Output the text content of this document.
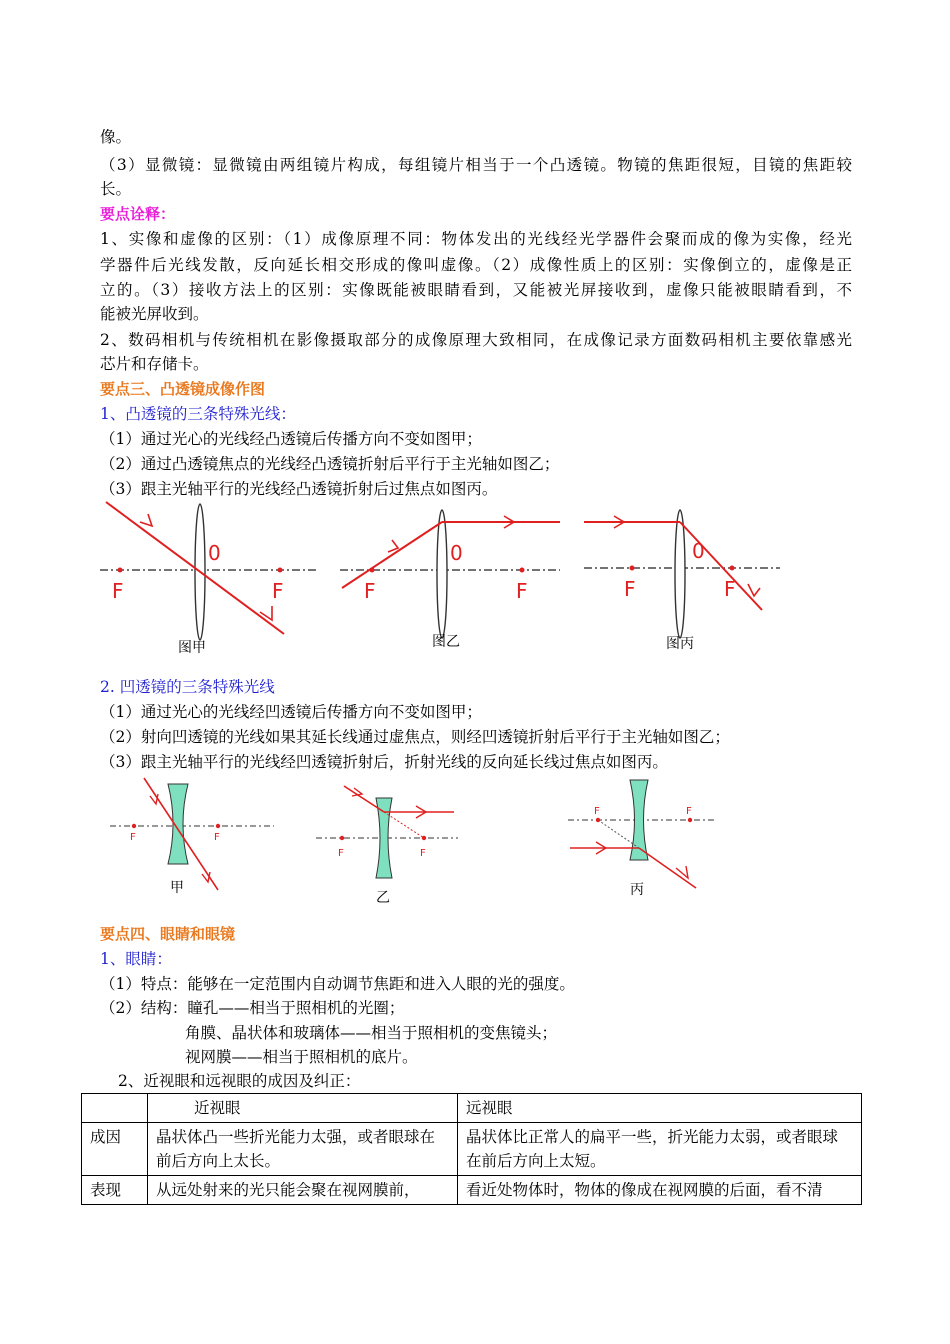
像。
（3）显微镜：显微镜由两组镜片构成，每组镜片相当于一个凸透镜。物镜的焦距很短，目镜的焦距较
长。
要点诠释：
1、实像和虚像的区别：（1）成像原理不同：物体发出的光线经光学器件会聚而成的像为实像，经光
学器件后光线发散，反向延长相交形成的像叫虚像。（2）成像性质上的区别：实像倒立的，虚像是正
立的。（3）接收方法上的区别：实像既能被眼睛看到，又能被光屏接收到，虚像只能被眼睛看到，不
能被光屏收到。
2、数码相机与传统相机在影像摄取部分的成像原理大致相同，在成像记录方面数码相机主要依靠感光
芯片和存储卡。
要点三、凸透镜成像作图
1、凸透镜的三条特殊光线：
（1）通过光心的光线经凸透镜后传播方向不变如图甲；
（2）通过凸透镜焦点的光线经凸透镜折射后平行于主光轴如图乙；
（3）跟主光轴平行的光线经凸透镜折射后过焦点如图丙。
F	F
0
图甲
F	F
0
图乙
F	F
0
图丙
2. 凹透镜的三条特殊光线
（1）通过光心的光线经凹透镜后传播方向不变如图甲；
（2）射向凹透镜的光线如果其延长线通过虚焦点，则经凹透镜折射后平行于主光轴如图乙；
（3）跟主光轴平行的光线经凹透镜折射后，折射光线的反向延长线过焦点如图丙。
F	F
甲
F	F
乙
F	F
丙
要点四、眼睛和眼镜
1、眼睛：
（1）特点：能够在一定范围内自动调节焦距和进入人眼的光的强度。
（2）结构：瞳孔——相当于照相机的光圈；
角膜、晶状体和玻璃体——相当于照相机的变焦镜头；
视网膜——相当于照相机的底片。
2、近视眼和远视眼的成因及纠正：
	近视眼	远视眼
成因	晶状体凸一些折光能力太强，或者眼球在前后方向上太长。	晶状体比正常人的扁平一些，折光能力太弱，或者眼球在前后方向上太短。
表现	从远处射来的光只能会聚在视网膜前，	看近处物体时，物体的像成在视网膜的后面，看不清
